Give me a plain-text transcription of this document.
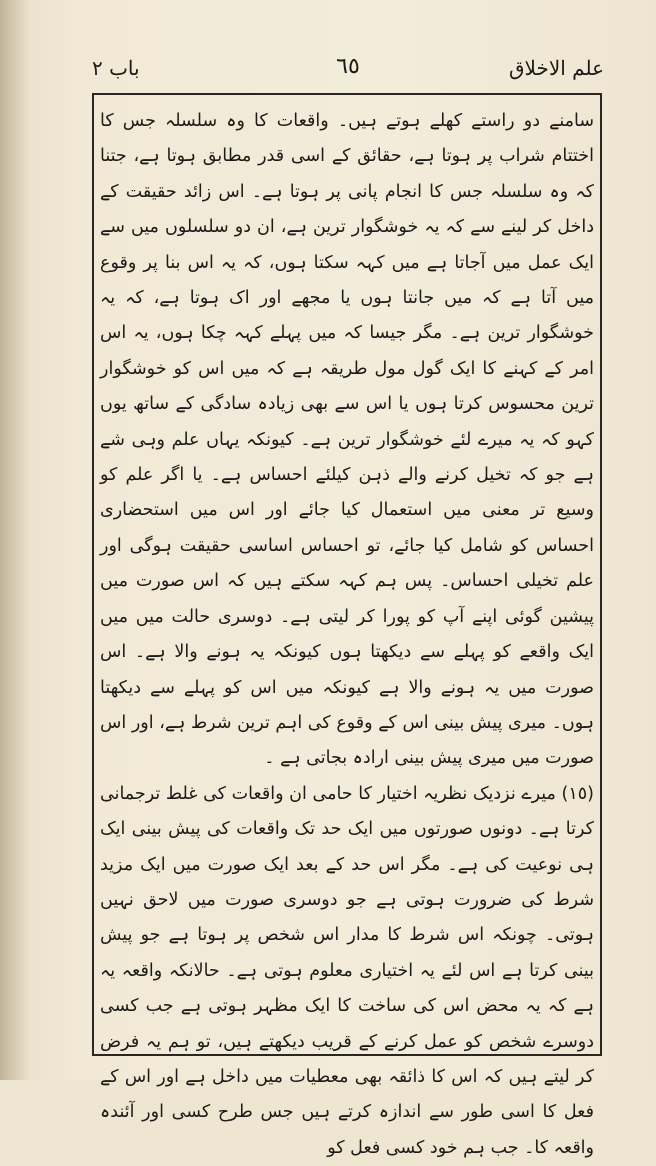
علم الاخلاق
٦٥
باب ٢

سامنے دو راستے کھلے ہوتے ہیں۔ واقعات کا وہ سلسلہ جس کا اختتام شراب پر ہوتا ہے، حقائق کے اسی قدر مطابق ہوتا ہے، جتنا کہ وہ سلسلہ جس کا انجام پانی پر ہوتا ہے۔ اس زائد حقیقت کے داخل کر لینے سے کہ یہ خوشگوار ترین ہے، ان دو سلسلوں میں سے ایک عمل میں آجاتا ہے میں کہہ سکتا ہوں، کہ یہ اس بنا پر وقوع میں آتا ہے کہ میں جانتا ہوں یا مجھے اور اک ہوتا ہے، کہ یہ خوشگوار ترین ہے۔ مگر جیسا کہ میں پہلے کہہ چکا ہوں، یہ اس امر کے کہنے کا ایک گول مول طریقہ ہے کہ میں اس کو خوشگوار ترین محسوس کرتا ہوں یا اس سے بھی زیادہ سادگی کے ساتھ یوں کہو کہ یہ میرے لئے خوشگوار ترین ہے۔ کیونکہ یہاں علم وہی شے ہے جو کہ تخیل کرنے والے ذہن کیلئے احساس ہے۔ یا اگر علم کو وسیع تر معنی میں استعمال کیا جائے اور اس میں استحضاری احساس کو شامل کیا جائے، تو احساس اساسی حقیقت ہوگی اور علم تخیلی احساس۔ پس ہم کہہ سکتے ہیں کہ اس صورت میں پیشین گوئی اپنے آپ کو پورا کر لیتی ہے۔ دوسری حالت میں میں ایک واقعے کو پہلے سے دیکھتا ہوں کیونکہ یہ ہونے والا ہے۔ اس صورت میں یہ ہونے والا ہے کیونکہ میں اس کو پہلے سے دیکھتا ہوں۔ میری پیش بینی اس کے وقوع کی اہم ترین شرط ہے، اور اس صورت میں میری پیش بینی ارادہ بجاتی ہے ۔

(١٥) میرے نزدیک نظریہ اختیار کا حامی ان واقعات کی غلط ترجمانی کرتا ہے۔ دونوں صورتوں میں ایک حد تک واقعات کی پیش بینی ایک ہی نوعیت کی ہے۔ مگر اس حد کے بعد ایک صورت میں ایک مزید شرط کی ضرورت ہوتی ہے جو دوسری صورت میں لاحق نہیں ہوتی۔ چونکہ اس شرط کا مدار اس شخص پر ہوتا ہے جو پیش بینی کرتا ہے اس لئے یہ اختیاری معلوم ہوتی ہے۔ حالانکہ واقعہ یہ ہے کہ یہ محض اس کی ساخت کا ایک مظہر ہوتی ہے جب کسی دوسرے شخص کو عمل کرنے کے قریب دیکھتے ہیں، تو ہم یہ فرض کر لیتے ہیں کہ اس کا ذائقہ بھی معطیات میں داخل ہے اور اس کے فعل کا اسی طور سے اندازہ کرتے ہیں جس طرح کسی اور آئندہ واقعہ کا۔ جب ہم خود کسی فعل کو
